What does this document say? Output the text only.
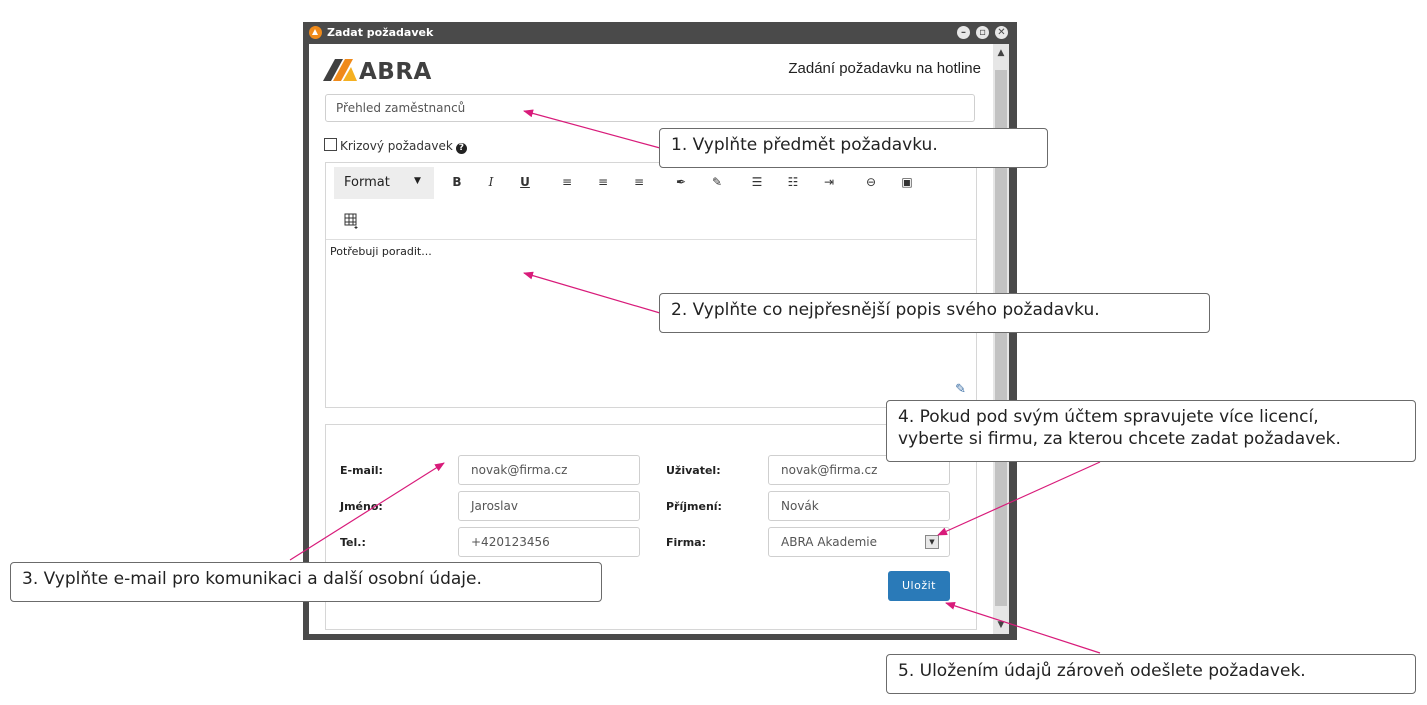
Zadat požadavek	–	▫	✕
ABRA	Zadání požadavku na hotline
Přehled zaměstnanců
Krizový požadavek ?
Format	▼	B	I	U	≡	≡	≡	✒	✎	☰	☷	⇥	⊖	▣
Potřebuji poradit...
✎
E-mail:	novak@firma.cz	Uživatel:	novak@firma.cz
Jméno:	Jaroslav	Příjmení:	Novák
Tel.:	+420123456	Firma:	ABRA Akademie	▼
Uložit
▲
▼
1. Vyplňte předmět požadavku.
2. Vyplňte co nejpřesnější popis svého požadavku.
3. Vyplňte e-mail pro komunikaci a další osobní údaje.
4. Pokud pod svým účtem spravujete více licencí,
vyberte si firmu, za kterou chcete zadat požadavek.
5. Uložením údajů zároveň odešlete požadavek.
